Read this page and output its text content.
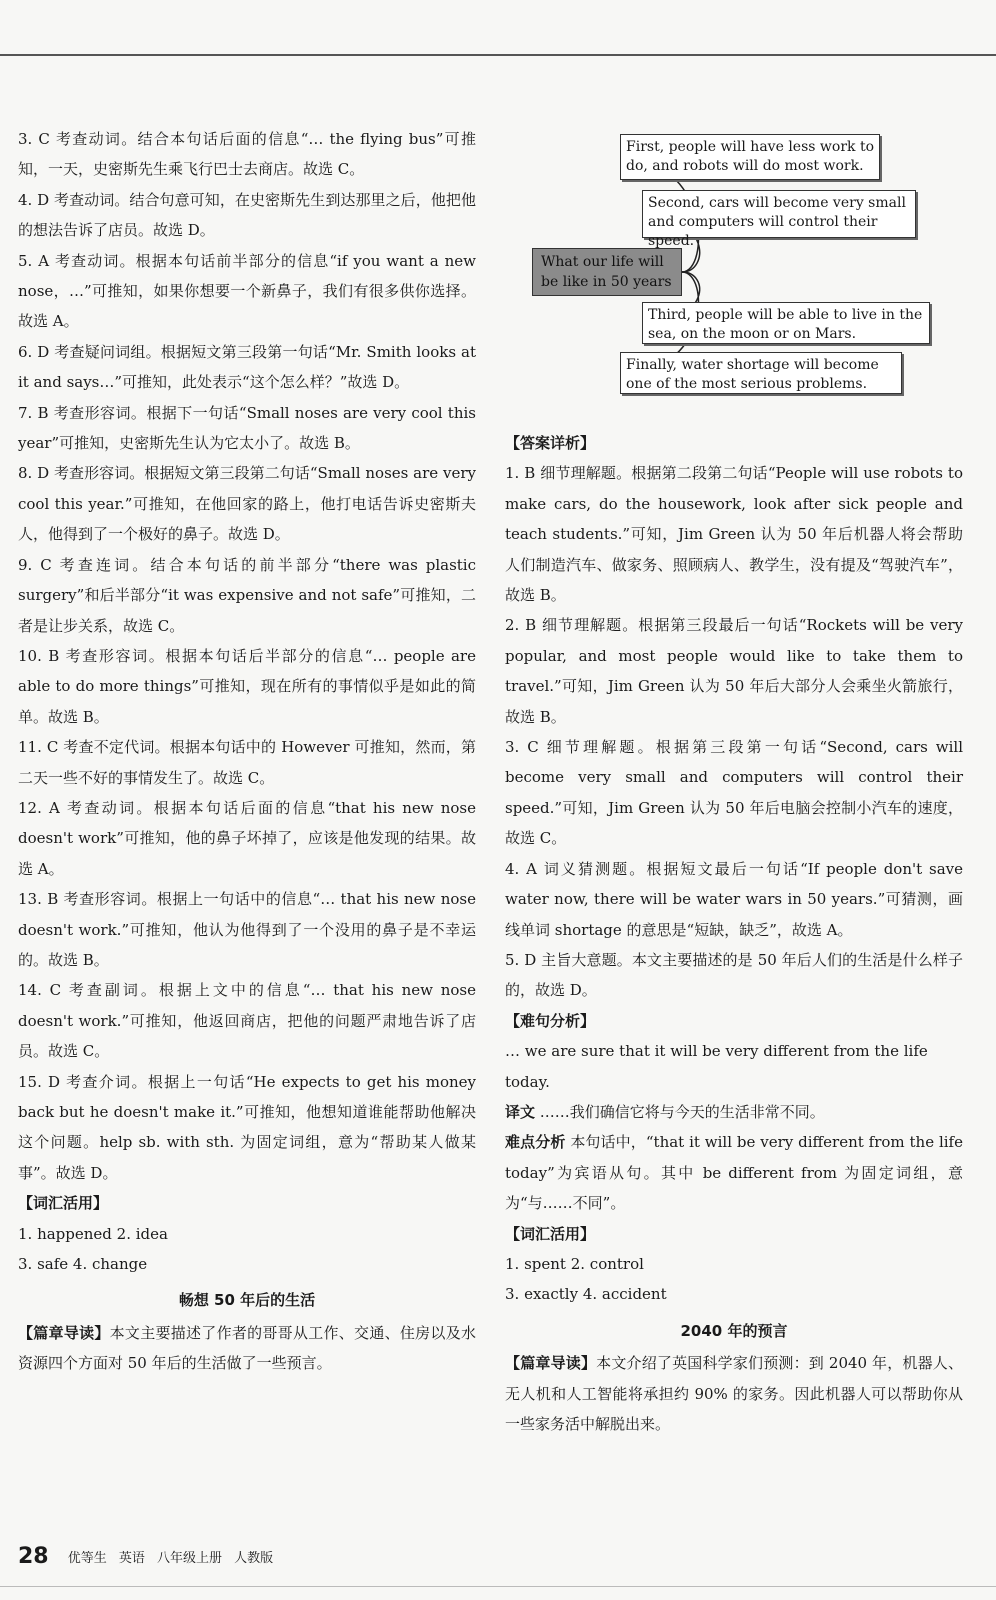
3. C 考查动词。结合本句话后面的信息“… the flying bus”可推知，一天，史密斯先生乘飞行巴士去商店。故选 C。
4. D 考查动词。结合句意可知，在史密斯先生到达那里之后，他把他的想法告诉了店员。故选 D。
5. A 考查动词。根据本句话前半部分的信息“if you want a new nose，…”可推知，如果你想要一个新鼻子，我们有很多供你选择。故选 A。
6. D 考查疑问词组。根据短文第三段第一句话“Mr. Smith looks at it and says…”可推知，此处表示“这个怎么样？”故选 D。
7. B 考查形容词。根据下一句话“Small noses are very cool this year”可推知，史密斯先生认为它太小了。故选 B。
8. D 考查形容词。根据短文第三段第二句话“Small noses are very cool this year.”可推知，在他回家的路上，他打电话告诉史密斯夫人，他得到了一个极好的鼻子。故选 D。
9. C 考查连词。结合本句话的前半部分“there was plastic surgery”和后半部分“it was expensive and not safe”可推知，二者是让步关系，故选 C。
10. B 考查形容词。根据本句话后半部分的信息“… people are able to do more things”可推知，现在所有的事情似乎是如此的简单。故选 B。
11. C 考查不定代词。根据本句话中的 However 可推知，然而，第二天一些不好的事情发生了。故选 C。
12. A 考查动词。根据本句话后面的信息“that his new nose doesn't work”可推知，他的鼻子坏掉了，应该是他发现的结果。故选 A。
13. B 考查形容词。根据上一句话中的信息“… that his new nose doesn't work.”可推知，他认为他得到了一个没用的鼻子是不幸运的。故选 B。
14. C 考查副词。根据上文中的信息“… that his new nose doesn't work.”可推知，他返回商店，把他的问题严肃地告诉了店员。故选 C。
15. D 考查介词。根据上一句话“He expects to get his money back but he doesn't make it.”可推知，他想知道谁能帮助他解决这个问题。help sb. with sth. 为固定词组，意为“帮助某人做某事”。故选 D。
【词汇活用】
1. happened 2. idea
3. safe 4. change
畅想 50 年后的生活
【篇章导读】本文主要描述了作者的哥哥从工作、交通、住房以及水资源四个方面对 50 年后的生活做了一些预言。
What our life will be like in 50 years
First, people will have less work to do, and robots will do most work.
Second, cars will become very small and computers will control their speed.
Third, people will be able to live in the sea, on the moon or on Mars.
Finally, water shortage will become one of the most serious problems.
【答案详析】
1. B 细节理解题。根据第二段第二句话“People will use robots to make cars, do the housework, look after sick people and teach students.”可知，Jim Green 认为 50 年后机器人将会帮助人们制造汽车、做家务、照顾病人、教学生，没有提及“驾驶汽车”，故选 B。
2. B 细节理解题。根据第三段最后一句话“Rockets will be very popular, and most people would like to take them to travel.”可知，Jim Green 认为 50 年后大部分人会乘坐火箭旅行，故选 B。
3. C 细节理解题。根据第三段第一句话“Second, cars will become very small and computers will control their speed.”可知，Jim Green 认为 50 年后电脑会控制小汽车的速度，故选 C。
4. A 词义猜测题。根据短文最后一句话“If people don't save water now, there will be water wars in 50 years.”可猜测，画线单词 shortage 的意思是“短缺，缺乏”，故选 A。
5. D 主旨大意题。本文主要描述的是 50 年后人们的生活是什么样子的，故选 D。
【难句分析】
… we are sure that it will be very different from the life today.
译文 ……我们确信它将与今天的生活非常不同。
难点分析 本句话中，“that it will be very different from the life today”为宾语从句。其中 be different from 为固定词组，意为“与……不同”。
【词汇活用】
1. spent 2. control
3. exactly 4. accident
2040 年的预言
【篇章导读】本文介绍了英国科学家们预测：到 2040 年，机器人、无人机和人工智能将承担约 90% 的家务。因此机器人可以帮助你从一些家务活中解脱出来。
28 优等生 英语 八年级上册 人教版
